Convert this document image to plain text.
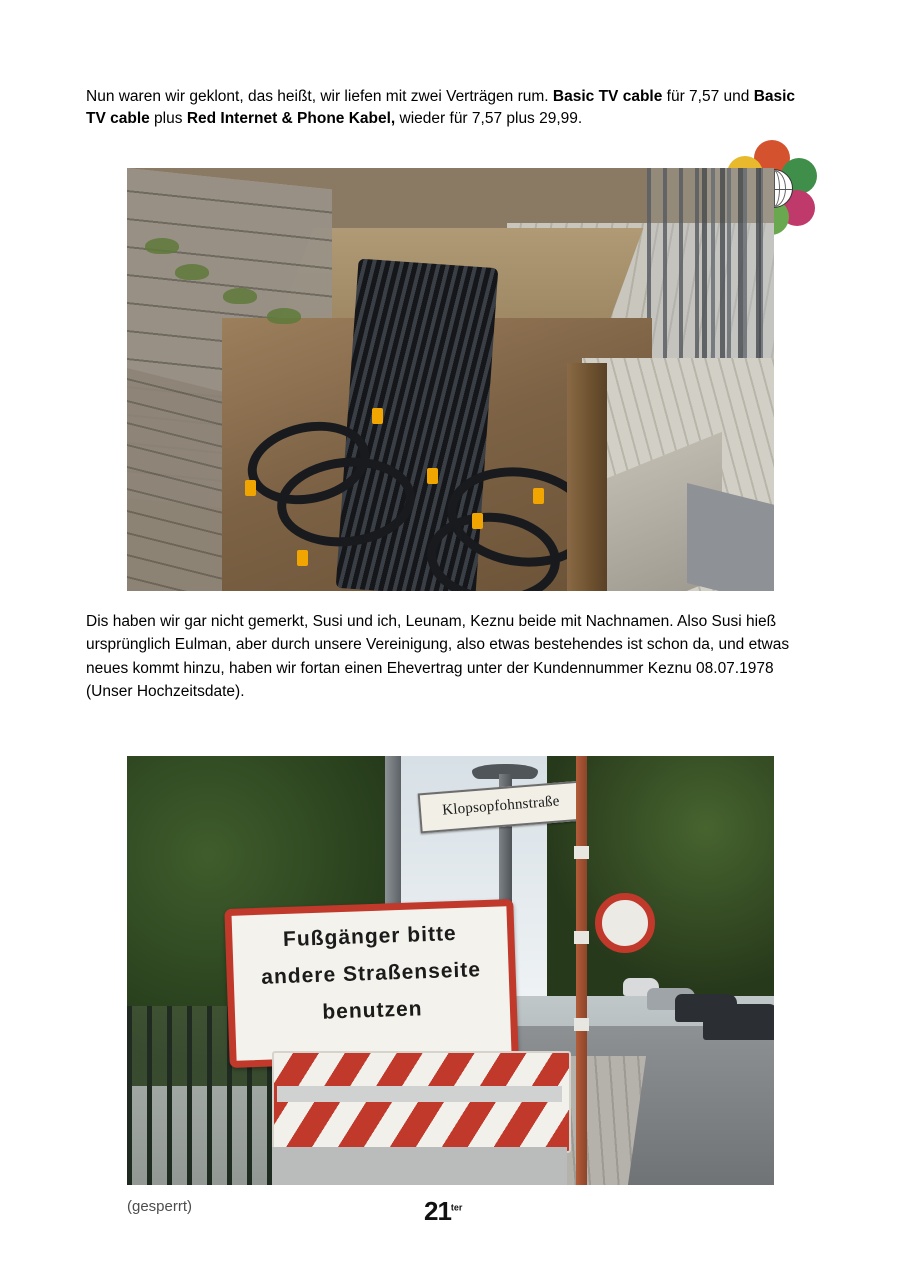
Nun waren wir geklont, das heißt, wir liefen mit zwei Verträgen rum. Basic TV cable für 7,57 und Basic TV cable plus Red Internet & Phone Kabel, wieder für 7,57 plus 29,99.
Dis haben wir gar nicht gemerkt, Susi und ich, Leunam, Keznu beide mit Nachnamen. Also Susi hieß ursprünglich Eulman, aber durch unsere Vereinigung, also etwas bestehendes ist schon da, und etwas neues kommt hinzu, haben wir fortan einen Ehevertrag unter der Kundennummer Keznu 08.07.1978 (Unser Hochzeitsdate).
Klopsopfohnstraße
Fußgänger bitte
andere Straßenseite
benutzen
(gesperrt)	$21^{ter}$
